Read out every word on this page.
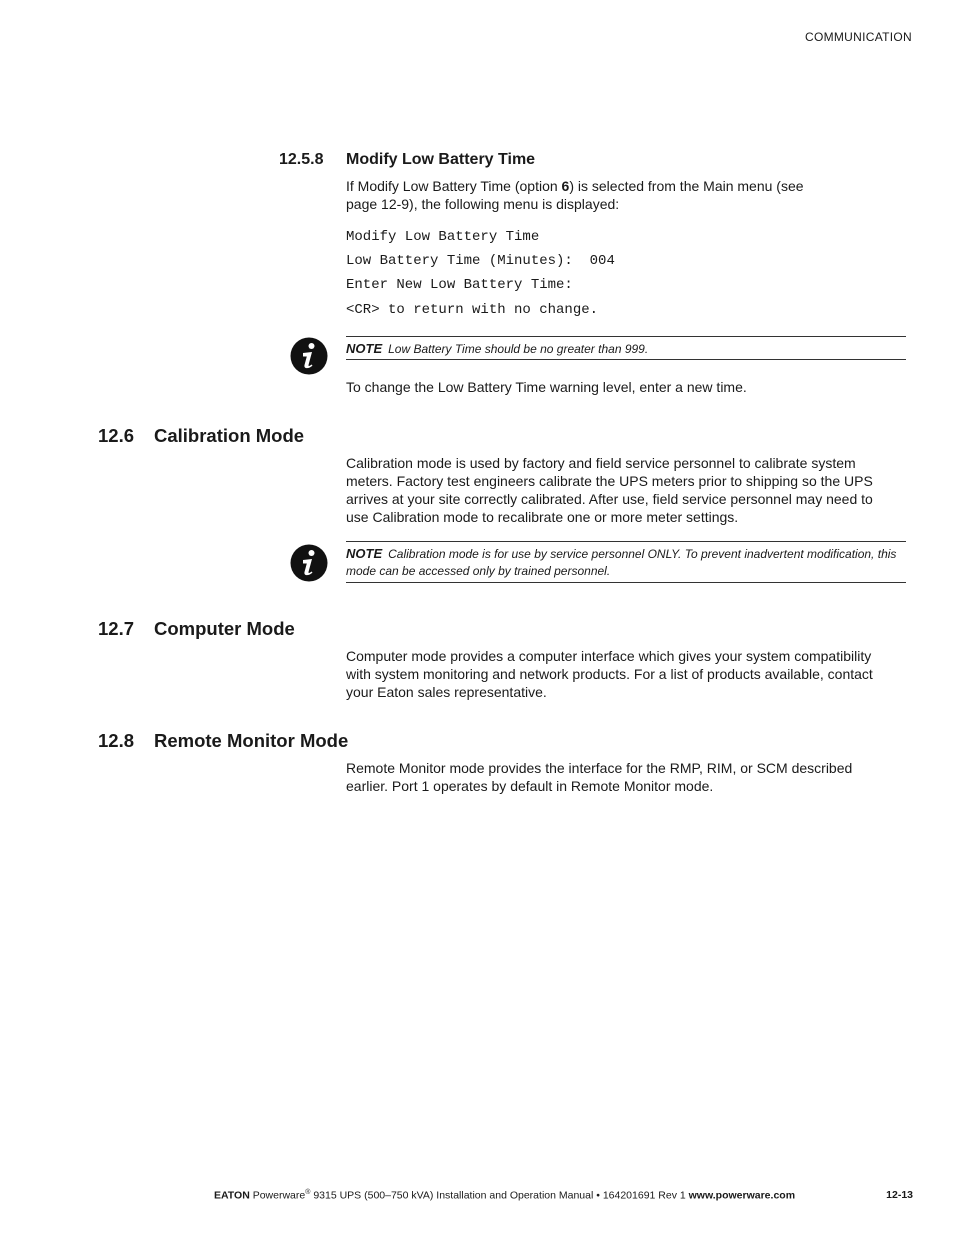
COMMUNICATION
12.5.8 Modify Low Battery Time

If Modify Low Battery Time (option 6) is selected from the Main menu (see
page 12-9), the following menu is displayed:

Modify Low Battery Time
Low Battery Time (Minutes):  004
Enter New Low Battery Time:
<CR> to return with no change.
NOTE Low Battery Time should be no greater than 999.

To change the Low Battery Time warning level, enter a new time.

12.6 Calibration Mode

Calibration mode is used by factory and field service personnel to calibrate system
meters. Factory test engineers calibrate the UPS meters prior to shipping so the UPS
arrives at your site correctly calibrated. After use, field service personnel may need to
use Calibration mode to recalibrate one or more meter settings.

NOTE Calibration mode is for use by service personnel ONLY. To prevent inadvertent modification, this
mode can be accessed only by trained personnel.
12.7 Computer Mode

Computer mode provides a computer interface which gives your system compatibility
with system monitoring and network products. For a list of products available, contact
your Eaton sales representative.

12.8 Remote Monitor Mode

Remote Monitor mode provides the interface for the RMP, RIM, or SCM described
earlier. Port 1 operates by default in Remote Monitor mode.

EATON Powerware® 9315 UPS (500–750 kVA) Installation and Operation Manual • 164201691 Rev 1 www.powerware.com	12-13
